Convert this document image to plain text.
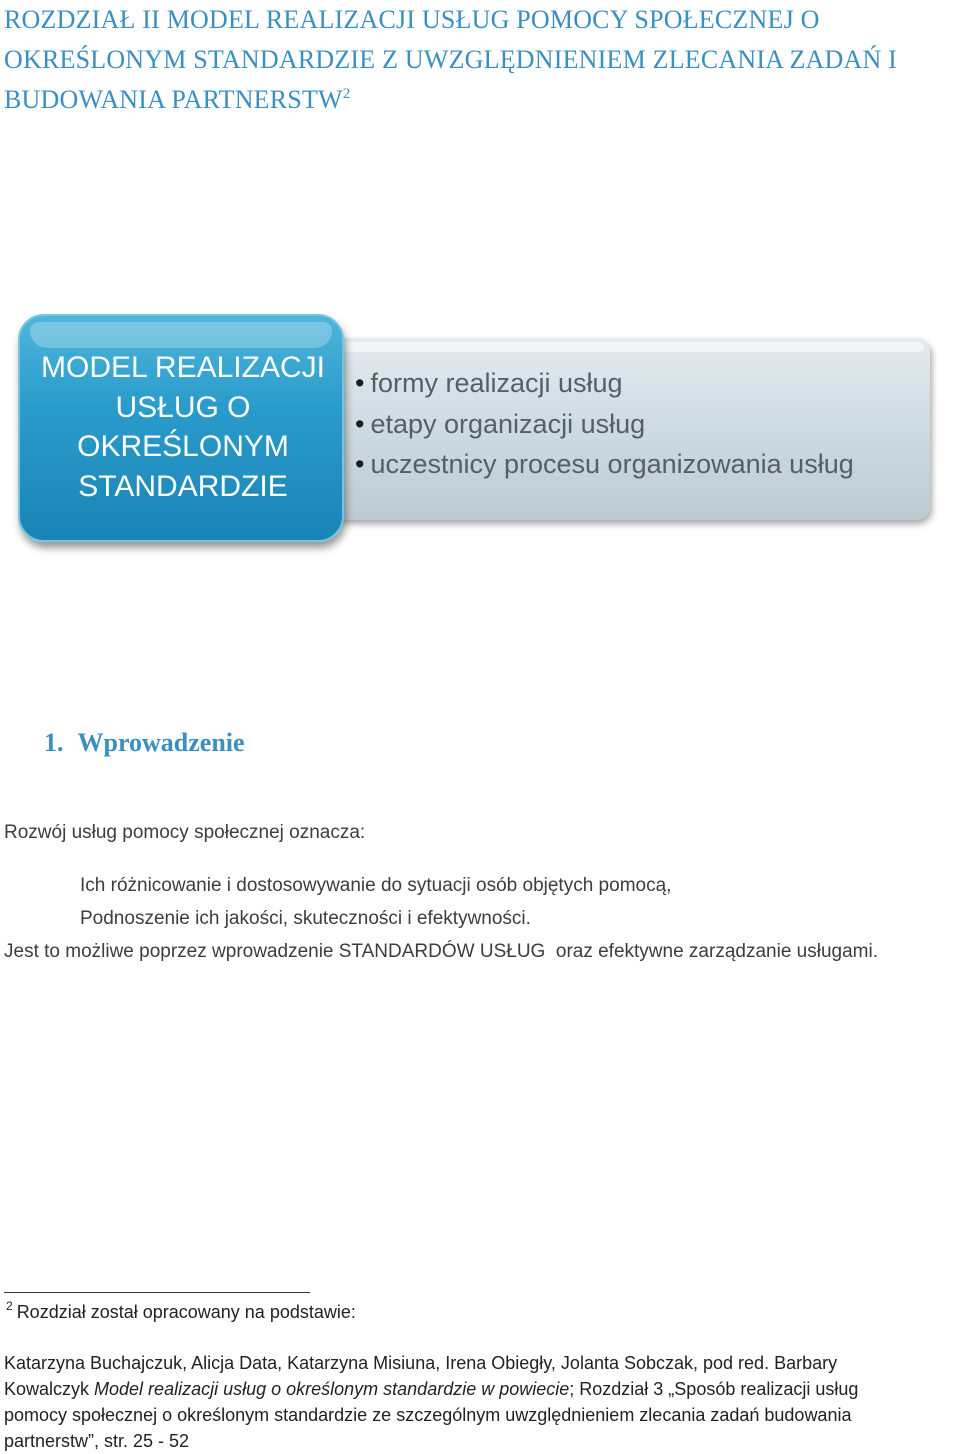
ROZDZIAŁ II MODEL REALIZACJI USŁUG POMOCY SPOŁECZNEJ O
OKREŚLONYM STANDARDZIE Z UWZGLĘDNIENIEM ZLECANIA ZADAŃ I
BUDOWANIA PARTNERSTW$^2$
• formy realizacji usług
• etapy organizacji usług
• uczestnicy procesu organizowania usług
MODEL REALIZACJI
USŁUG O
OKREŚLONYM
STANDARDZIE
1. Wprowadzenie
Rozwój usług pomocy społecznej oznacza:
Ich różnicowanie i dostosowywanie do sytuacji osób objętych pomocą,
Podnoszenie ich jakości, skuteczności i efektywności.
Jest to możliwe poprzez wprowadzenie STANDARDÓW USŁUG  oraz efektywne zarządzanie usługami.
$^2$ Rozdział został opracowany na podstawie:
Katarzyna Buchajczuk, Alicja Data, Katarzyna Misiuna, Irena Obiegły, Jolanta Sobczak, pod red. Barbary
Kowalczyk Model realizacji usług o określonym standardzie w powiecie; Rozdział 3 „Sposób realizacji usług
pomocy społecznej o określonym standardzie ze szczególnym uwzględnieniem zlecania zadań budowania
partnerstw”, str. 25 - 52
